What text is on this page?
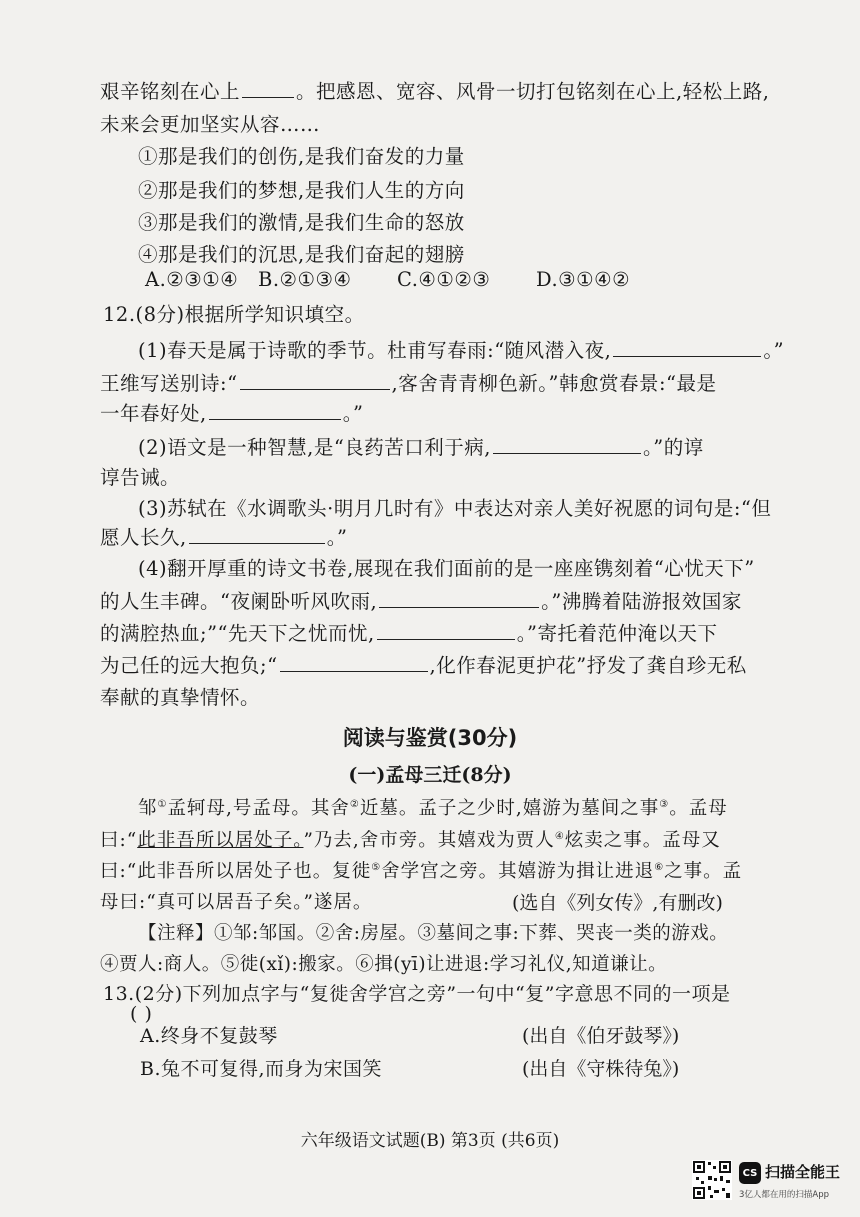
艰辛铭刻在心上	。把感恩、宽容、风骨一切打包铭刻在心上,轻松上路,
未来会更加坚实从容……
①那是我们的创伤,是我们奋发的力量
②那是我们的梦想,是我们人生的方向
③那是我们的激情,是我们生命的怒放
④那是我们的沉思,是我们奋起的翅膀
A.②③①④ B.②①③④ C.④①②③ D.③①④②
12.(8分)根据所学知识填空。
(1)春天是属于诗歌的季节。杜甫写春雨:“随风潜入夜,	。”
王维写送别诗:“	,客舍青青柳色新。”韩愈赏春景:“最是
一年春好处,	。”
(2)语文是一种智慧,是“良药苦口利于病,	。”的谆
谆告诫。
(3)苏轼在《水调歌头·明月几时有》中表达对亲人美好祝愿的词句是:“但
愿人长久,	。”
(4)翻开厚重的诗文书卷,展现在我们面前的是一座座镌刻着“心忧天下”
的人生丰碑。“夜阑卧听风吹雨,	。”沸腾着陆游报效国家
的满腔热血;”“先天下之忧而忧,	。”寄托着范仲淹以天下
为己任的远大抱负;“	,化作春泥更护花”抒发了龚自珍无私
奉献的真挚情怀。
阅读与鉴赏(30分)
(一)孟母三迁(8分)
邹①孟轲母,号孟母。其舍②近墓。孟子之少时,嬉游为墓间之事③。孟母
曰:“此非吾所以居处子。”乃去,舍市旁。其嬉戏为贾人④炫卖之事。孟母又
曰:“此非吾所以居处子也。复徙⑤舍学宫之旁。其嬉游为揖让进退⑥之事。孟
母曰:“真可以居吾子矣。”遂居。	(选自《列女传》,有删改)
【注释】①邹:邹国。②舍:房屋。③墓间之事:下葬、哭丧一类的游戏。
④贾人:商人。⑤徙(xǐ):搬家。⑥揖(yī)让进退:学习礼仪,知道谦让。
13.(2分)下列加点字与“复徙舍学宫之旁”一句中“复”字意思不同的一项是
( )
A.终身不复鼓琴	(出自《伯牙鼓琴》)
B.兔不可复得,而身为宋国笑	(出自《守株待兔》)
六年级语文试题(B) 第3页 (共6页)
CS 扫描全能王
3亿人都在用的扫描App
